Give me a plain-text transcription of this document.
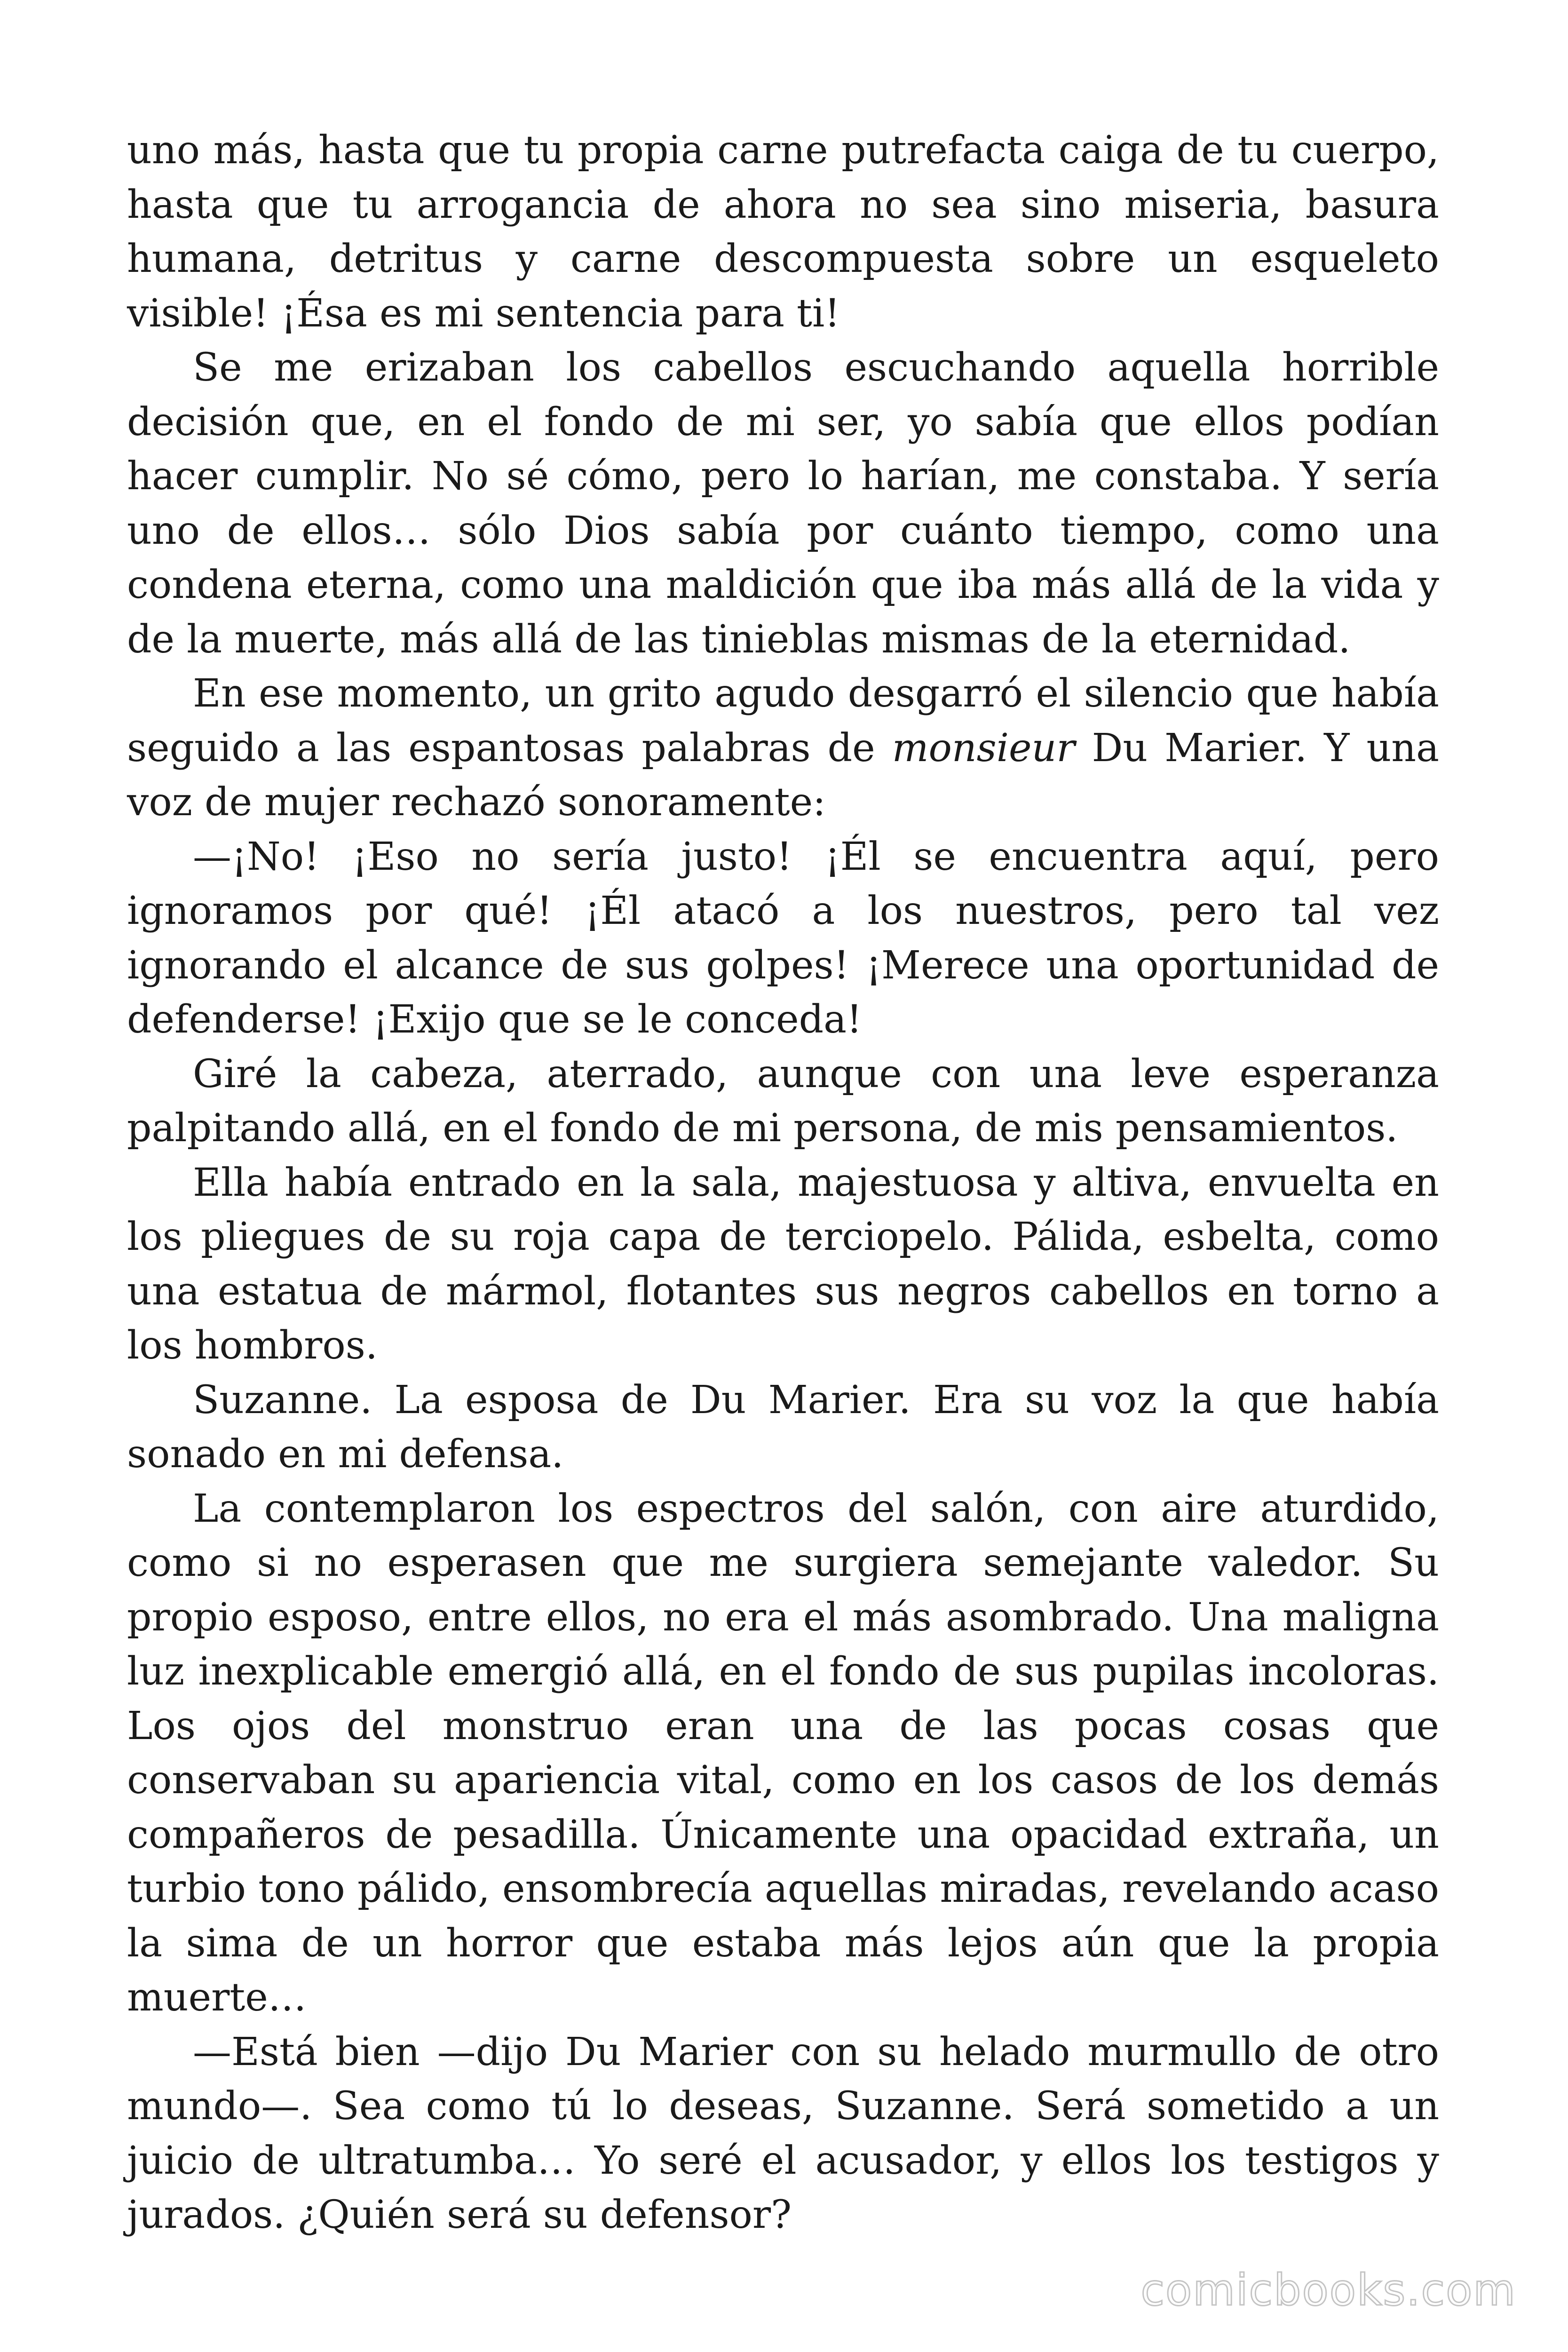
uno más, hasta que tu propia carne putrefacta caiga de tu cuerpo, hasta que tu arrogancia de ahora no sea sino miseria, basura humana, detritus y carne descompuesta sobre un esqueleto visible! ¡Ésa es mi sentencia para ti!

Se me erizaban los cabellos escuchando aquella horrible decisión que, en el fondo de mi ser, yo sabía que ellos podían hacer cumplir. No sé cómo, pero lo harían, me constaba. Y sería uno de ellos… sólo Dios sabía por cuánto tiempo, como una condena eterna, como una maldición que iba más allá de la vida y de la muerte, más allá de las tinieblas mismas de la eternidad.

En ese momento, un grito agudo desgarró el silencio que había seguido a las espantosas palabras de monsieur Du Marier. Y una voz de mujer rechazó sonoramente:

—¡No! ¡Eso no sería justo! ¡Él se encuentra aquí, pero ignoramos por qué! ¡Él atacó a los nuestros, pero tal vez ignorando el alcance de sus golpes! ¡Merece una oportunidad de defenderse! ¡Exijo que se le conceda!

Giré la cabeza, aterrado, aunque con una leve esperanza palpitando allá, en el fondo de mi persona, de mis pensamientos.

Ella había entrado en la sala, majestuosa y altiva, envuelta en los pliegues de su roja capa de terciopelo. Pálida, esbelta, como una estatua de mármol, flotantes sus negros cabellos en torno a los hombros.

Suzanne. La esposa de Du Marier. Era su voz la que había sonado en mi defensa.

La contemplaron los espectros del salón, con aire aturdido, como si no esperasen que me surgiera semejante valedor. Su propio esposo, entre ellos, no era el más asombrado. Una maligna luz inexplicable emergió allá, en el fondo de sus pupilas incoloras. Los ojos del monstruo eran una de las pocas cosas que conservaban su apariencia vital, como en los casos de los demás compañeros de pesadilla. Únicamente una opacidad extraña, un turbio tono pálido, ensombrecía aquellas miradas, revelando acaso la sima de un horror que estaba más lejos aún que la propia muerte…

—Está bien —dijo Du Marier con su helado murmullo de otro mundo—. Sea como tú lo deseas, Suzanne. Será sometido a un juicio de ultratumba… Yo seré el acusador, y ellos los testigos y jurados. ¿Quién será su defensor?

comicbooks.com
